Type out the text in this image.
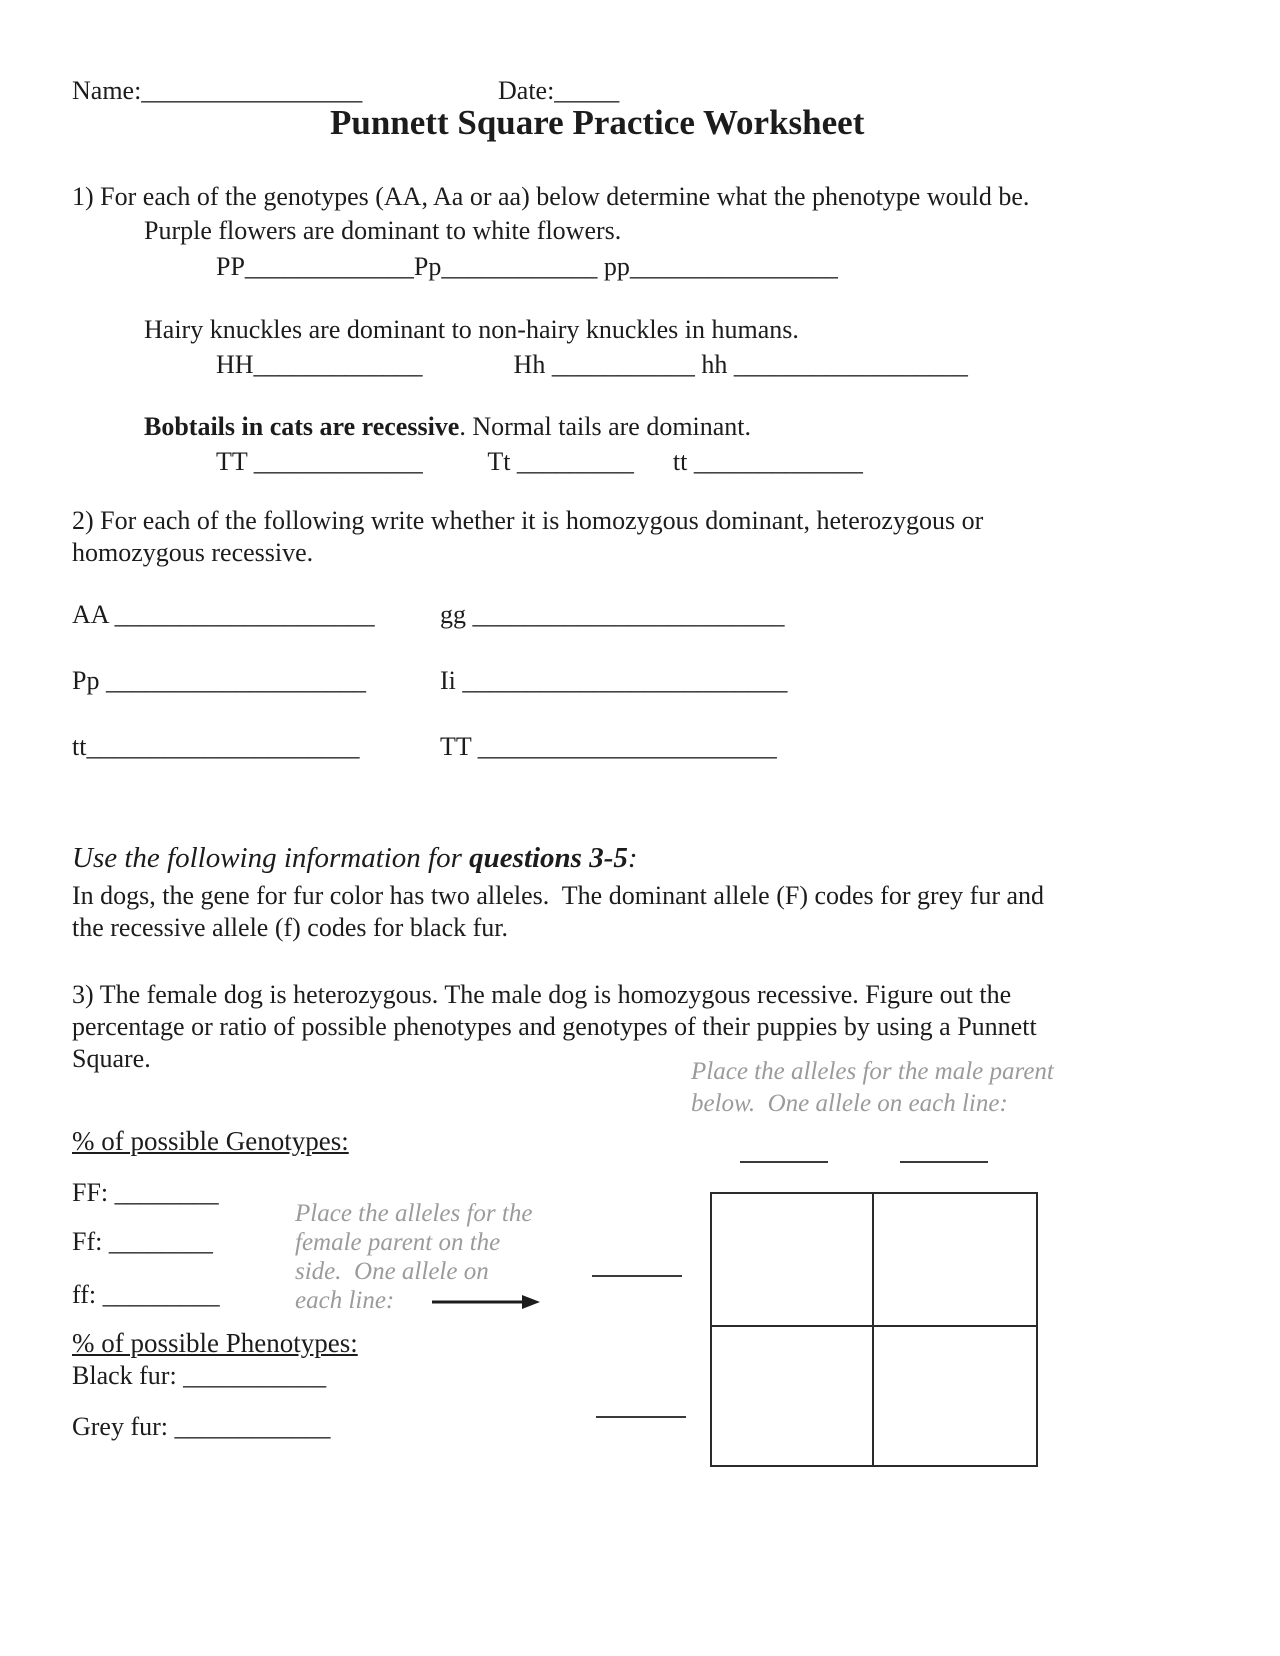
Name:_________________	Date:_____
Punnett Square Practice Worksheet
1) For each of the genotypes (AA, Aa or aa) below determine what the phenotype would be.
Purple flowers are dominant to white flowers.
PP_____________Pp____________ pp________________
Hairy knuckles are dominant to non-hairy knuckles in humans.
HH_____________              Hh ___________ hh __________________
Bobtails in cats are recessive. Normal tails are dominant.
TT _____________          Tt _________      tt _____________
2) For each of the following write whether it is homozygous dominant, heterozygous or
homozygous recessive.
AA ____________________	gg ________________________
Pp ____________________	Ii _________________________
tt_____________________	TT _______________________
Use the following information for questions 3-5:
In dogs, the gene for fur color has two alleles.  The dominant allele (F) codes for grey fur and
the recessive allele (f) codes for black fur.
3) The female dog is heterozygous. The male dog is homozygous recessive. Figure out the
percentage or ratio of possible phenotypes and genotypes of their puppies by using a Punnett
Square.	Place the alleles for the male parent
below.  One allele on each line:
% of possible Genotypes:
FF: ________
Ff: ________
ff: _________
Place the alleles for the
female parent on the
side.  One allele on
each line:
% of possible Phenotypes:
Black fur: ___________
Grey fur: ____________
